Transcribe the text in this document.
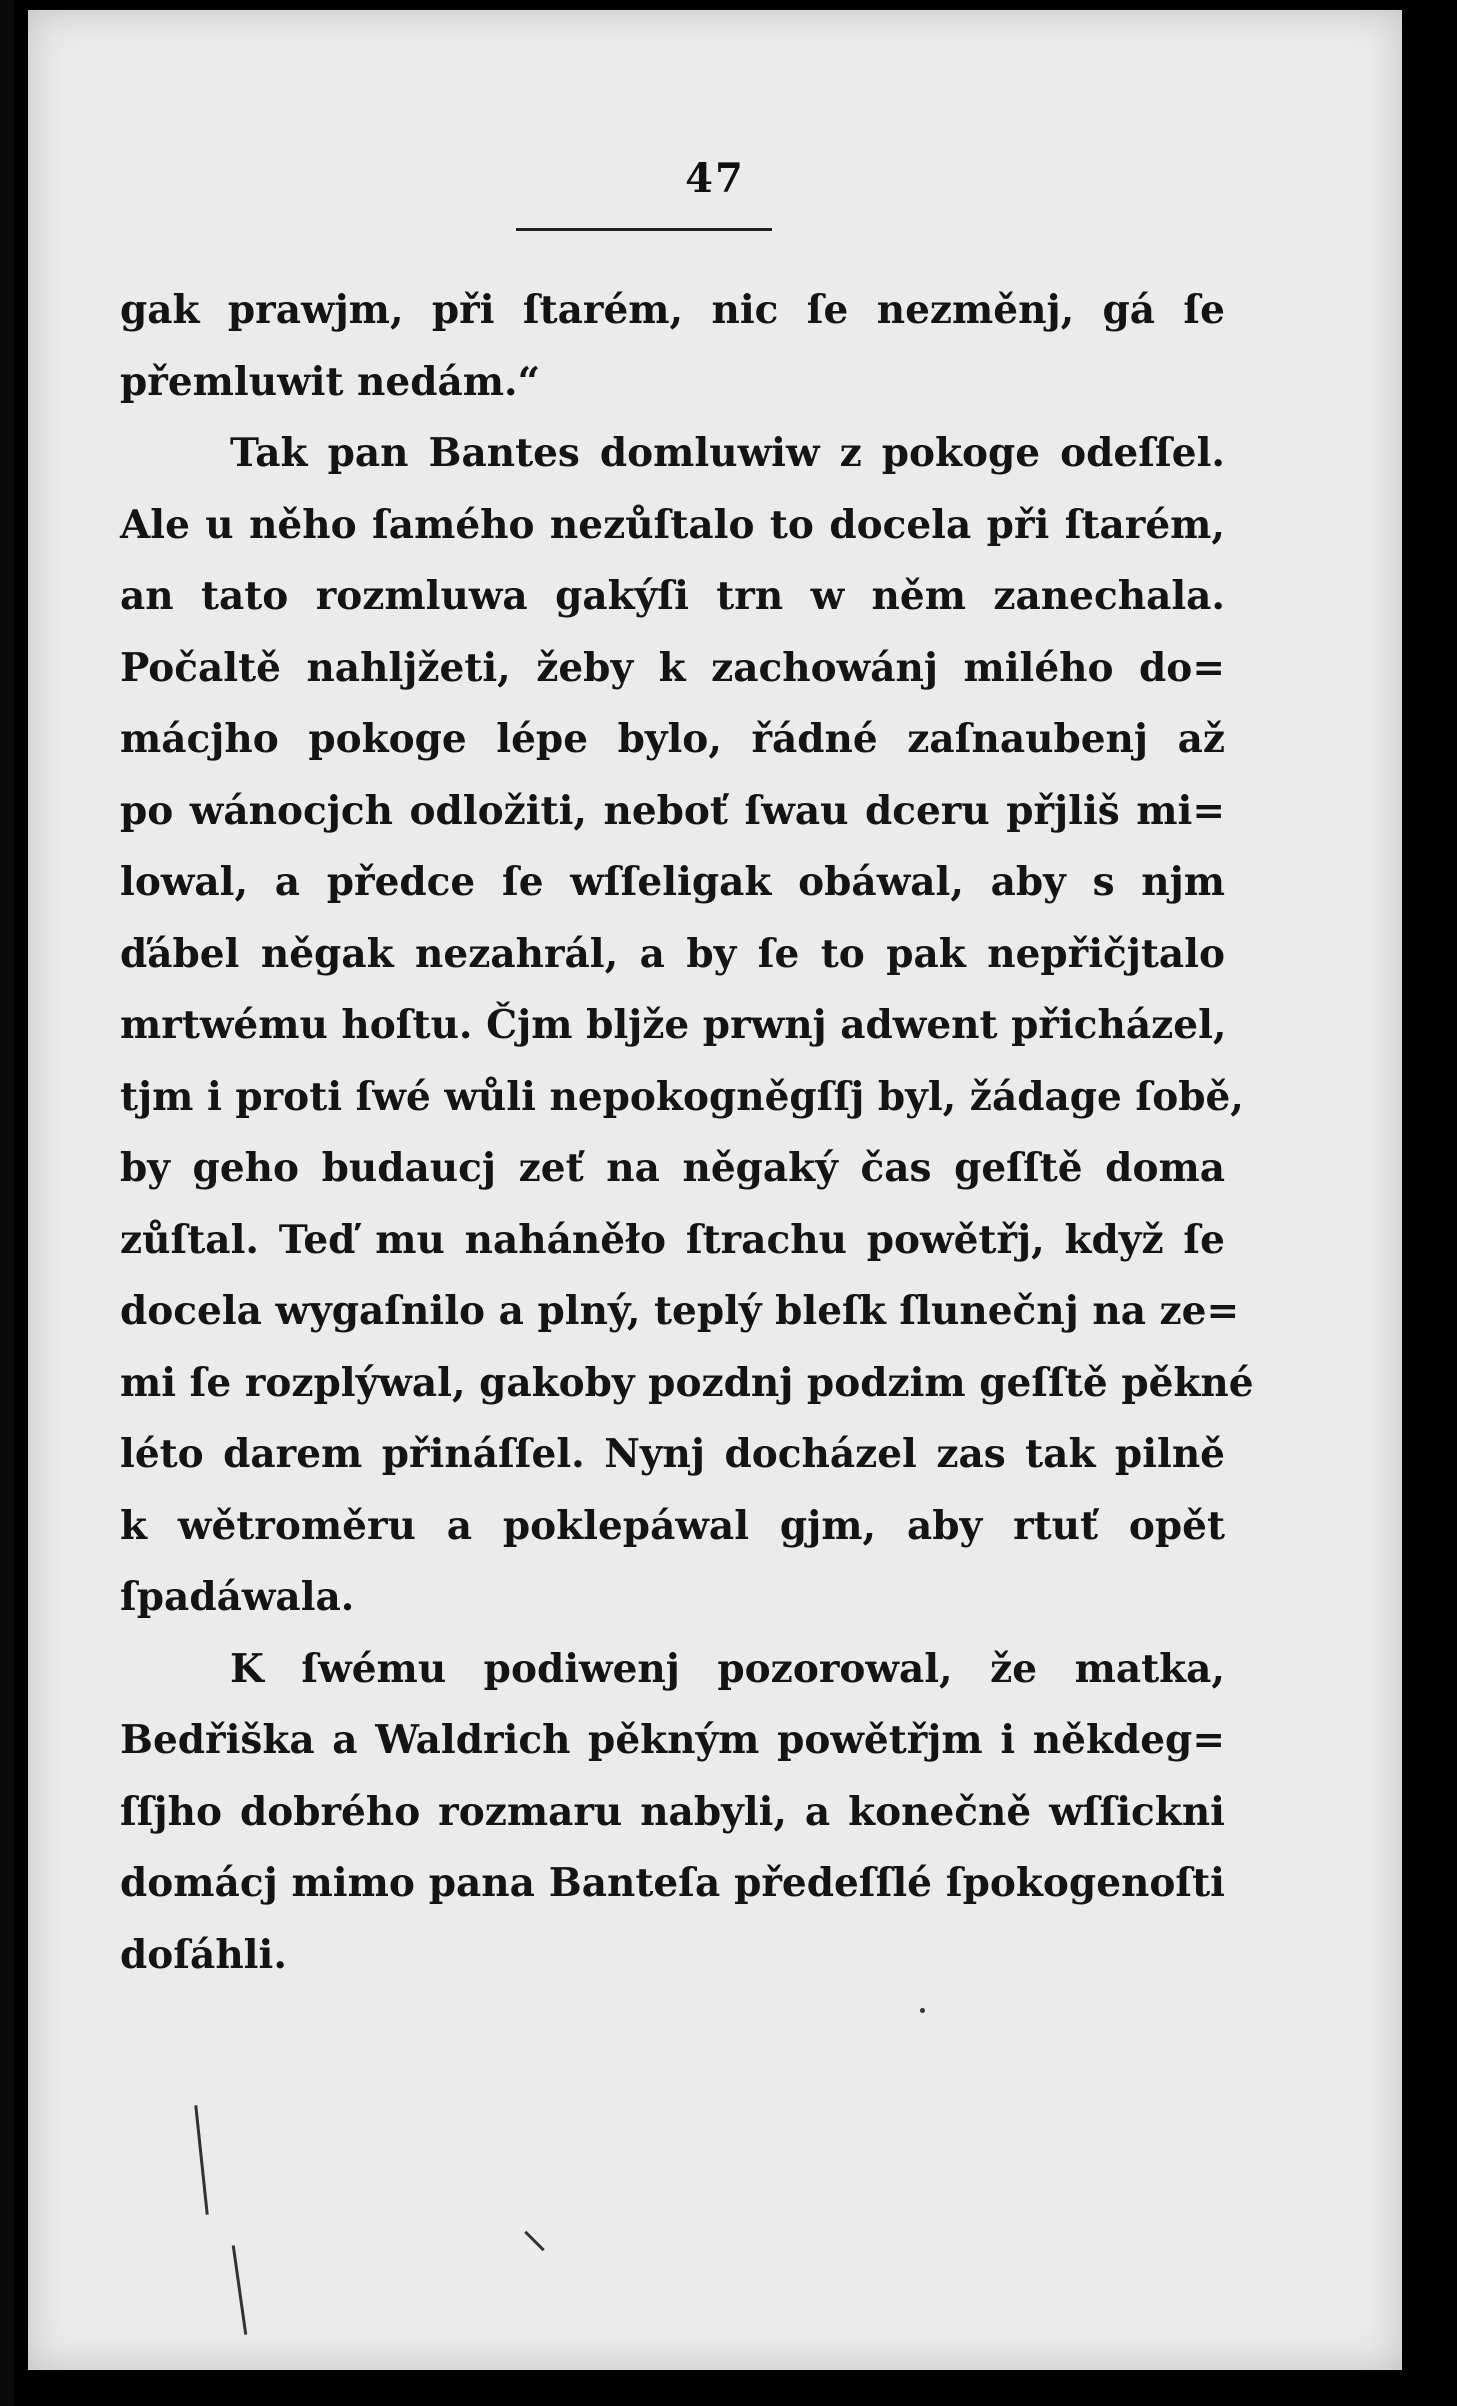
47
gak prawjm, při ſtarém, nic ſe nezměnj, gá ſe
přemluwit nedám.“
Tak pan Bantes domluwiw z pokoge odeſſel.
Ale u něho ſamého nezůſtalo to docela při ſtarém,
an tato rozmluwa gakýſi trn w něm zanechala.
Počaltě nahljžeti, žeby k zachowánj milého do=
mácjho pokoge lépe bylo, řádné zaſnaubenj až
po wánocjch odložiti, neboť ſwau dceru přjliš mi=
lowal, a předce ſe wſſeligak obáwal, aby s njm
ďábel něgak nezahrál, a by ſe to pak nepřičjtalo
mrtwému hoſtu. Čjm bljže prwnj adwent přicházel,
tjm i proti ſwé wůli nepokogněgſſj byl, žádage ſobě,
by geho budaucj zeť na něgaký čas geſſtě doma
zůſtal. Teď mu naháněło ſtrachu powětřj, když ſe
docela wygaſnilo a plný, teplý bleſk ſlunečnj na ze=
mi ſe rozplýwal, gakoby pozdnj podzim geſſtě pěkné
léto darem přináſſel. Nynj docházel zas tak pilně
k wětroměru a poklepáwal gjm, aby rtuť opět
ſpadáwala.
K ſwému podiwenj pozorowal, že matka,
Bedřiška a Waldrich pěkným powětřjm i někdeg=
ſſjho dobrého rozmaru nabyli, a konečně wſſickni
domácj mimo pana Banteſa předeſſlé ſpokogenoſti
doſáhli.
